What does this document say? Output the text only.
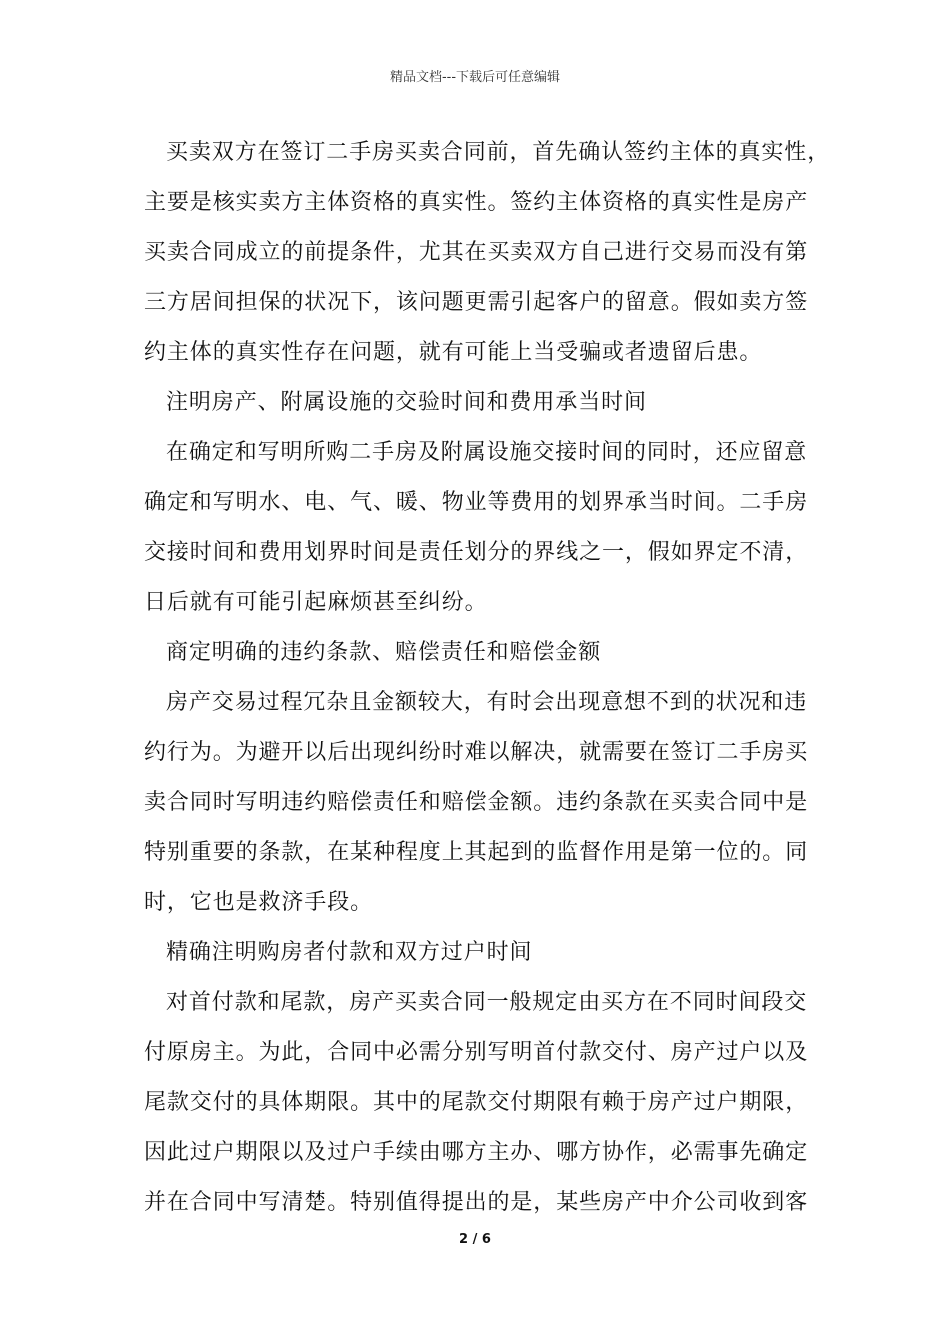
精品文档---下载后可任意编辑
买卖双方在签订二手房买卖合同前，首先确认签约主体的真实性，
主要是核实卖方主体资格的真实性。签约主体资格的真实性是房产
买卖合同成立的前提条件，尤其在买卖双方自己进行交易而没有第
三方居间担保的状况下，该问题更需引起客户的留意。假如卖方签
约主体的真实性存在问题，就有可能上当受骗或者遗留后患。
注明房产、附属设施的交验时间和费用承当时间
在确定和写明所购二手房及附属设施交接时间的同时，还应留意
确定和写明水、电、气、暖、物业等费用的划界承当时间。二手房
交接时间和费用划界时间是责任划分的界线之一，假如界定不清，
日后就有可能引起麻烦甚至纠纷。
商定明确的违约条款、赔偿责任和赔偿金额
房产交易过程冗杂且金额较大，有时会出现意想不到的状况和违
约行为。为避开以后出现纠纷时难以解决，就需要在签订二手房买
卖合同时写明违约赔偿责任和赔偿金额。违约条款在买卖合同中是
特别重要的条款，在某种程度上其起到的监督作用是第一位的。同
时，它也是救济手段。
精确注明购房者付款和双方过户时间
对首付款和尾款，房产买卖合同一般规定由买方在不同时间段交
付原房主。为此，合同中必需分别写明首付款交付、房产过户以及
尾款交付的具体期限。其中的尾款交付期限有赖于房产过户期限，
因此过户期限以及过户手续由哪方主办、哪方协作，必需事先确定
并在合同中写清楚。特别值得提出的是，某些房产中介公司收到客
2 / 6
